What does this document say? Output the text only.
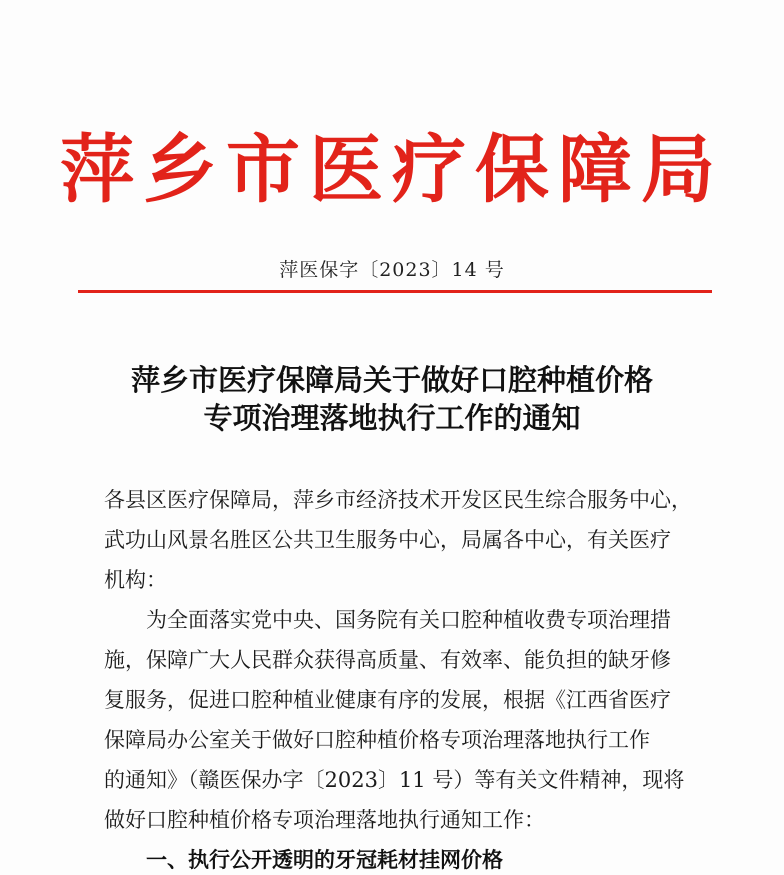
萍乡市医疗保障局
萍医保字〔2023〕14 号
萍乡市医疗保障局关于做好口腔种植价格
专项治理落地执行工作的通知
各县区医疗保障局，萍乡市经济技术开发区民生综合服务中心，
武功山风景名胜区公共卫生服务中心，局属各中心，有关医疗
机构：
　　为全面落实党中央、国务院有关口腔种植收费专项治理措
施，保障广大人民群众获得高质量、有效率、能负担的缺牙修
复服务，促进口腔种植业健康有序的发展，根据《江西省医疗
保障局办公室关于做好口腔种植价格专项治理落地执行工作
的通知》（赣医保办字〔2023〕11 号）等有关文件精神，现将
做好口腔种植价格专项治理落地执行通知工作：
一、执行公开透明的牙冠耗材挂网价格
